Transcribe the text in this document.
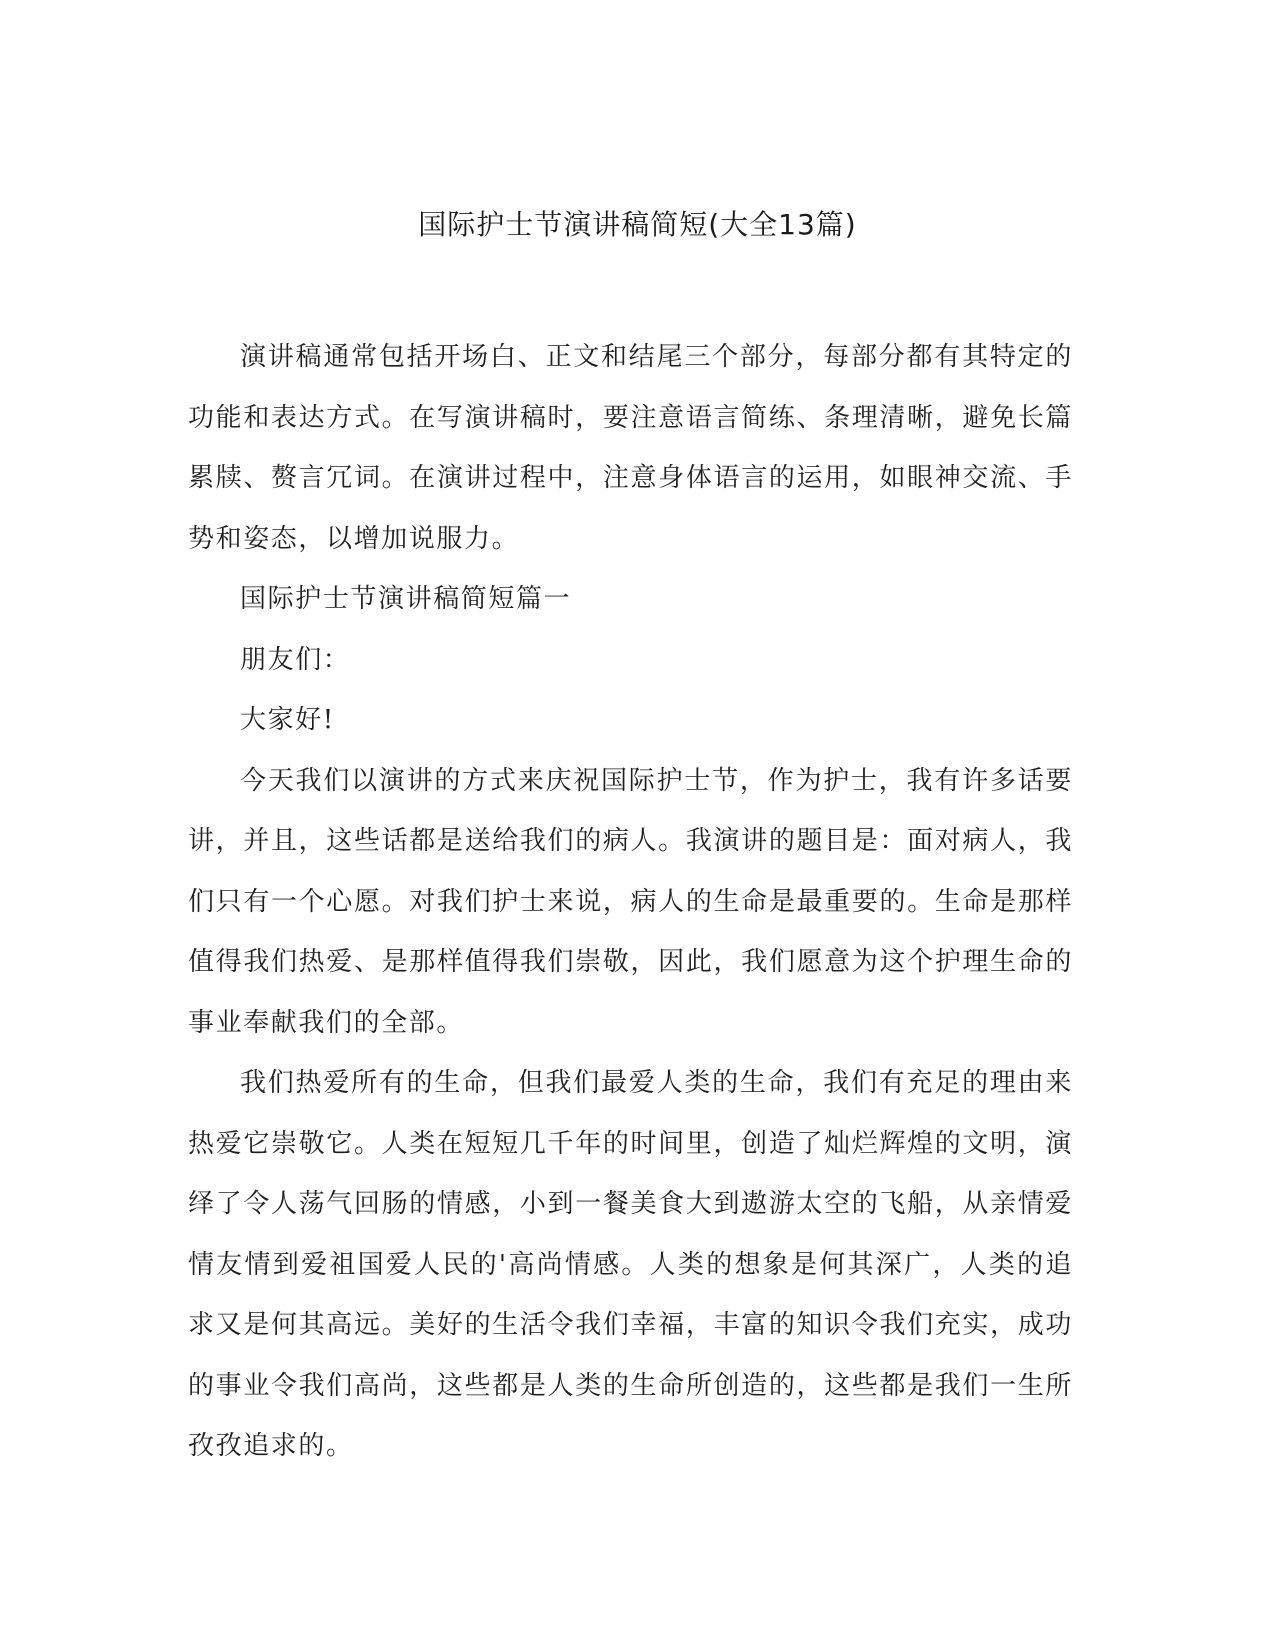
国际护士节演讲稿简短(大全13篇)

演讲稿通常包括开场白、正文和结尾三个部分，每部分都有其特定的功能和表达方式。在写演讲稿时，要注意语言简练、条理清晰，避免长篇累牍、赘言冗词。在演讲过程中，注意身体语言的运用，如眼神交流、手势和姿态，以增加说服力。

国际护士节演讲稿简短篇一

朋友们：

大家好!

今天我们以演讲的方式来庆祝国际护士节，作为护士，我有许多话要讲，并且，这些话都是送给我们的病人。我演讲的题目是：面对病人，我们只有一个心愿。对我们护士来说，病人的生命是最重要的。生命是那样值得我们热爱、是那样值得我们崇敬，因此，我们愿意为这个护理生命的事业奉献我们的全部。

我们热爱所有的生命，但我们最爱人类的生命，我们有充足的理由来热爱它崇敬它。人类在短短几千年的时间里，创造了灿烂辉煌的文明，演绎了令人荡气回肠的情感，小到一餐美食大到遨游太空的飞船，从亲情爱情友情到爱祖国爱人民的'高尚情感。人类的想象是何其深广，人类的追求又是何其高远。美好的生活令我们幸福，丰富的知识令我们充实，成功的事业令我们高尚，这些都是人类的生命所创造的，这些都是我们一生所孜孜追求的。
